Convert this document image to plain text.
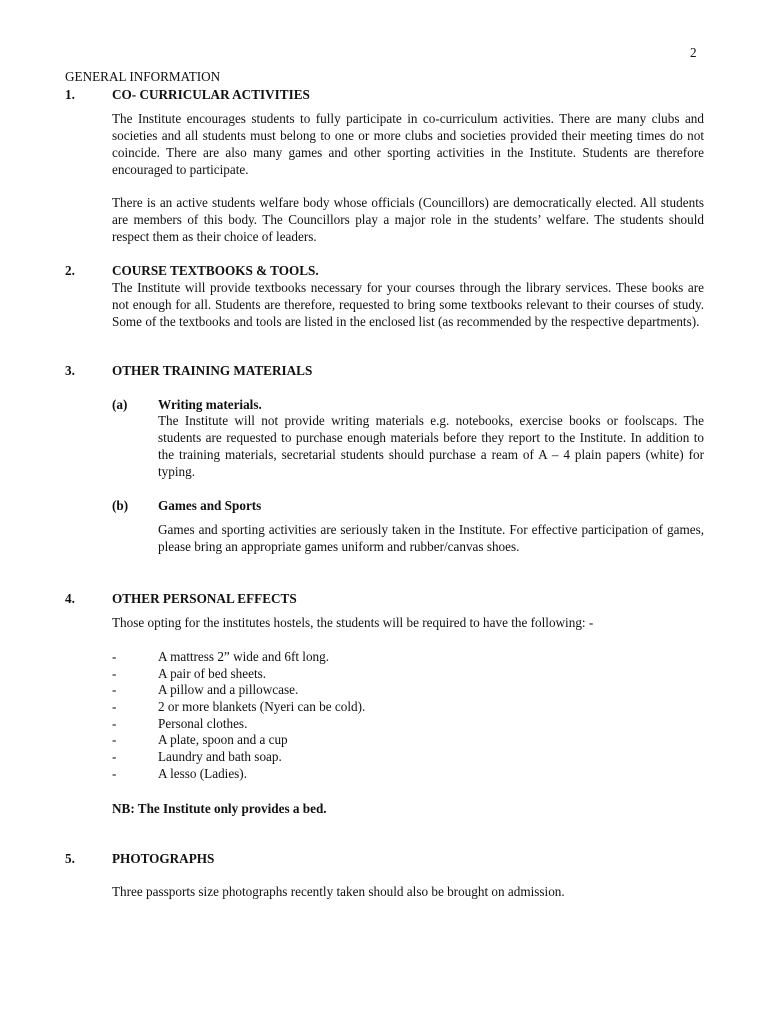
2
GENERAL INFORMATION
1.	CO- CURRICULAR ACTIVITIES
The Institute encourages students to fully participate in co-curriculum activities. There are many clubs and societies and all students must belong to one or more clubs and societies provided their meeting times do not coincide. There are also many games and other sporting activities in the Institute. Students are therefore encouraged to participate.
There is an active students welfare body whose officials (Councillors) are democratically elected. All students are members of this body. The Councillors play a major role in the students’ welfare. The students should respect them as their choice of leaders.
2.	COURSE TEXTBOOKS & TOOLS.
The Institute will provide textbooks necessary for your courses through the library services. These books are not enough for all. Students are therefore, requested to bring some textbooks relevant to their courses of study. Some of the textbooks and tools are listed in the enclosed list (as recommended by the respective departments).
3.	OTHER TRAINING MATERIALS
(a) Writing materials.
The Institute will not provide writing materials e.g. notebooks, exercise books or foolscaps. The students are requested to purchase enough materials before they report to the Institute. In addition to the training materials, secretarial students should purchase a ream of A – 4 plain papers (white) for typing.
(b) Games and Sports
Games and sporting activities are seriously taken in the Institute. For effective participation of games, please bring an appropriate games uniform and rubber/canvas shoes.
4.	OTHER PERSONAL EFFECTS
Those opting for the institutes hostels, the students will be required to have the following: -
-	A mattress 2” wide and 6ft long.
-	A pair of bed sheets.
-	A pillow and a pillowcase.
-	2 or more blankets (Nyeri can be cold).
-	Personal clothes.
-	A plate, spoon and a cup
-	Laundry and bath soap.
-	A lesso (Ladies).
NB: The Institute only provides a bed.
5.	PHOTOGRAPHS
Three passports size photographs recently taken should also be brought on admission.
